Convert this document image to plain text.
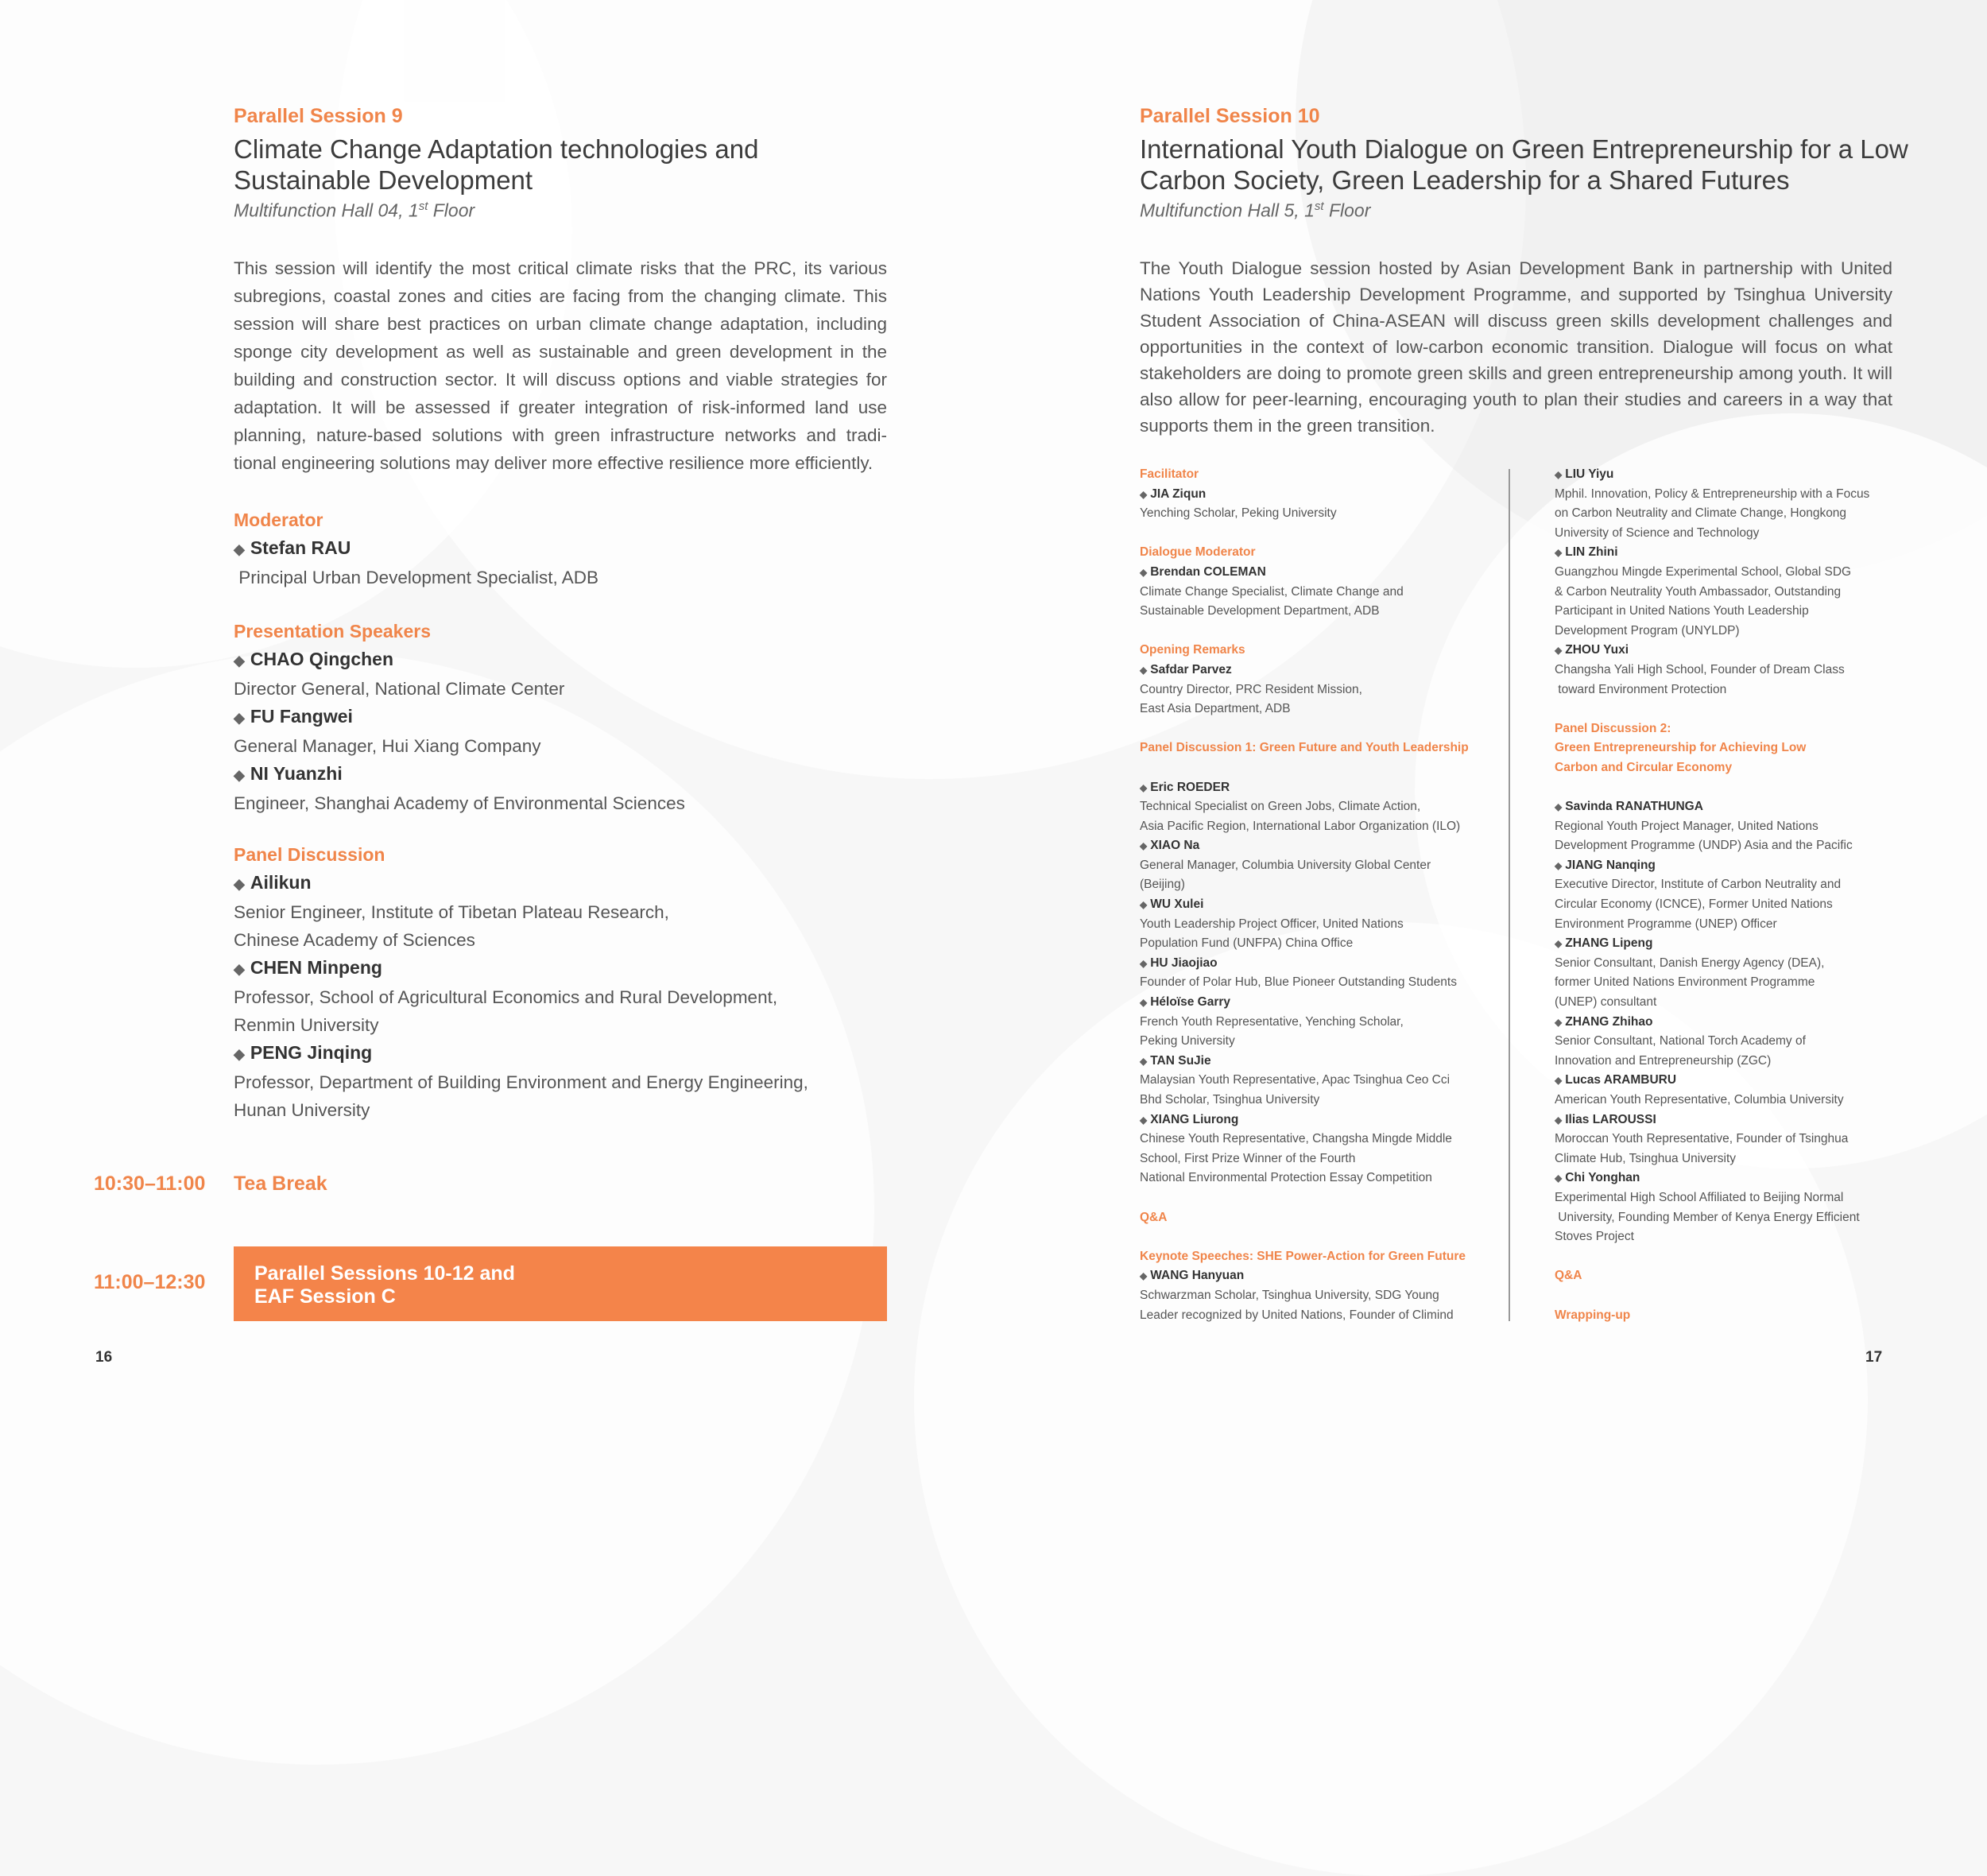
Parallel Session 9
Climate Change Adaptation technologies and
Sustainable Development
Multifunction Hall 04, 1st Floor
This session will identify the most critical climate risks that the PRC, its various subregions, coastal zones and cities are facing from the changing climate. This session will share best practices on urban climate change adaptation, including sponge city development as well as sustainable and green development in the building and construction sector. It will discuss options and viable strategies for adaptation. It will be assessed if greater integration of risk-informed land use planning, nature-based solutions with green infrastructure networks and tradi-tional engineering solutions may deliver more effective resilience more efficiently.

Moderator

◆ Stefan RAU

Principal Urban Development Specialist, ADB

Presentation Speakers

◆ CHAO Qingchen

Director General, National Climate Center

◆ FU Fangwei

General Manager, Hui Xiang Company

◆ NI Yuanzhi

Engineer, Shanghai Academy of Environmental Sciences

Panel Discussion

◆ Ailikun

Senior Engineer, Institute of Tibetan Plateau Research,

Chinese Academy of Sciences

◆ CHEN Minpeng

Professor, School of Agricultural Economics and Rural Development,

Renmin University

◆ PENG Jinqing

Professor, Department of Building Environment and Energy Engineering,

Hunan University

10:30–11:00 Tea Break
11:00–12:30 Parallel Sessions 10-12 and
EAF Session C
16
Parallel Session 10
International Youth Dialogue on Green Entrepreneurship for a Low
Carbon Society, Green Leadership for a Shared Futures
Multifunction Hall 5, 1st Floor
The Youth Dialogue session hosted by Asian Development Bank in partnership with United Nations Youth Leadership Development Programme, and supported by Tsinghua University Student Association of China-ASEAN will discuss green skills development challenges and opportunities in the context of low-carbon economic transition. Dialogue will focus on what stakeholders are doing to promote green skills and green entrepreneurship among youth. It will also allow for peer-learning, encouraging youth to plan their studies and careers in a way that supports them in the green transition.

Facilitator

◆ JIA Ziqun

Yenching Scholar, Peking University

Dialogue Moderator

◆ Brendan COLEMAN

Climate Change Specialist, Climate Change and

Sustainable Development Department, ADB

Opening Remarks

◆ Safdar Parvez

Country Director, PRC Resident Mission,

East Asia Department, ADB

Panel Discussion 1: Green Future and Youth Leadership

◆ Eric ROEDER

Technical Specialist on Green Jobs, Climate Action,

Asia Pacific Region, International Labor Organization (ILO)

◆ XIAO Na

General Manager, Columbia University Global Center

(Beijing)

◆ WU Xulei

Youth Leadership Project Officer, United Nations

Population Fund (UNFPA) China Office

◆ HU Jiaojiao

Founder of Polar Hub, Blue Pioneer Outstanding Students

◆ Héloïse Garry

French Youth Representative, Yenching Scholar,

Peking University

◆ TAN SuJie

Malaysian Youth Representative, Apac Tsinghua Ceo Cci

Bhd Scholar, Tsinghua University

◆ XIANG Liurong

Chinese Youth Representative, Changsha Mingde Middle

School, First Prize Winner of the Fourth

National Environmental Protection Essay Competition

Q&A

Keynote Speeches: SHE Power-Action for Green Future

◆ WANG Hanyuan

Schwarzman Scholar, Tsinghua University, SDG Young

Leader recognized by United Nations, Founder of Climind

◆ LIU Yiyu

Mphil. Innovation, Policy & Entrepreneurship with a Focus

on Carbon Neutrality and Climate Change, Hongkong

University of Science and Technology

◆ LIN Zhini

Guangzhou Mingde Experimental School, Global SDG

& Carbon Neutrality Youth Ambassador, Outstanding

Participant in United Nations Youth Leadership

Development Program (UNYLDP)

◆ ZHOU Yuxi

Changsha Yali High School, Founder of Dream Class

toward Environment Protection

Panel Discussion 2:

Green Entrepreneurship for Achieving Low

Carbon and Circular Economy

◆ Savinda RANATHUNGA

Regional Youth Project Manager, United Nations

Development Programme (UNDP) Asia and the Pacific

◆ JIANG Nanqing

Executive Director, Institute of Carbon Neutrality and

Circular Economy (ICNCE), Former United Nations

Environment Programme (UNEP) Officer

◆ ZHANG Lipeng

Senior Consultant, Danish Energy Agency (DEA),

former United Nations Environment Programme

(UNEP) consultant

◆ ZHANG Zhihao

Senior Consultant, National Torch Academy of

Innovation and Entrepreneurship (ZGC)

◆ Lucas ARAMBURU

American Youth Representative, Columbia University

◆ Ilias LAROUSSI

Moroccan Youth Representative, Founder of Tsinghua

Climate Hub, Tsinghua University

◆ Chi Yonghan

Experimental High School Affiliated to Beijing Normal

University, Founding Member of Kenya Energy Efficient

Stoves Project

Q&A

Wrapping-up

17
